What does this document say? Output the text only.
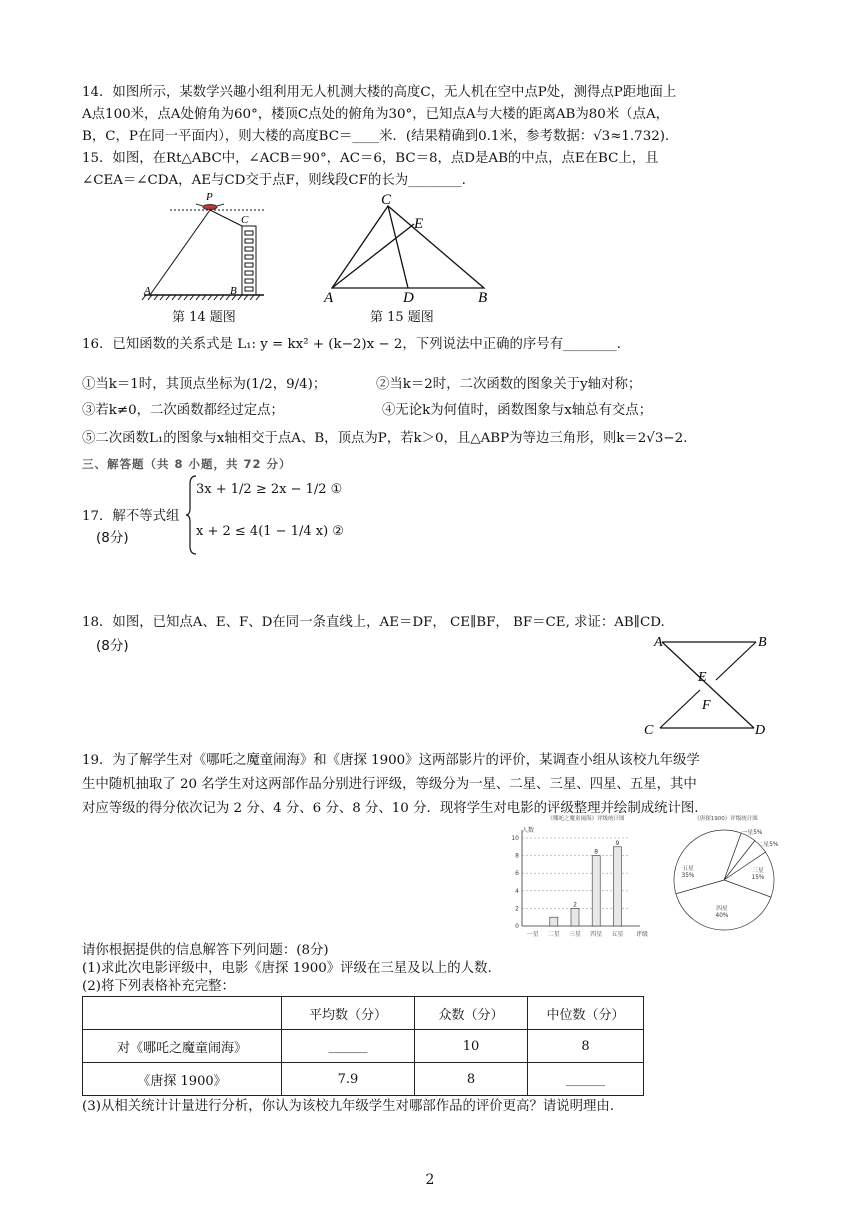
14．如图所示，某数学兴趣小组利用无人机测大楼的高度C，无人机在空中点P处，测得点P距地面上
A点100米，点A处俯角为60°，楼顶C点处的俯角为30°，已知点A与大楼的距离AB为80米（点A，
B，C，P在同一平面内），则大楼的高度BC＝____米．(结果精确到0.1米，参考数据：√3≈1.732)．
15．如图，在Rt△ABC中，∠ACB＝90°，AC＝6，BC＝8，点D是AB的中点，点E在BC上，且
∠CEA＝∠CDA，AE与CD交于点F，则线段CF的长为________.
P
C
A	B
第 14 题图
C
E
A	D	B
第 15 题图
16．已知函数的关系式是 L₁: y = kx² + (k−2)x − 2，下列说法中正确的序号有________.
①当k＝1时，其顶点坐标为(1/2，9/4)；	②当k＝2时，二次函数的图象关于y轴对称；
③若k≠0，二次函数都经过定点；	④无论k为何值时，函数图象与x轴总有交点；
⑤二次函数L₁的图象与x轴相交于点A、B，顶点为P，若k＞0，且△ABP为等边三角形，则k＝2√3−2.
三、解答题（共 8 小题，共 72 分）
17．解不等式组
(8分)
3x + 1/2 ≥ 2x − 1/2 ①
x + 2 ≤ 4(1 − 1/4 x) ②
18．如图，已知点A、E、F、D在同一条直线上，AE＝DF， CE∥BF， BF＝CE, 求证：AB∥CD.
(8分)	A	B
E
F
C	D
19．为了解学生对《哪吒之魔童闹海》和《唐探 1900》这两部影片的评价，某调查小组从该校九年级学
生中随机抽取了 20 名学生对这两部作品分别进行评级，等级分为一星、二星、三星、四星、五星，其中
对应等级的得分依次记为 2 分、4 分、6 分、8 分、10 分．现将学生对电影的评级整理并绘制成统计图.
《哪吒之魔童闹海》评级统计图
人数
评级
0
2
4
6
8
10
一星 二星
2
三星
8
四星
9
五星
《唐探1900》评级统计图
一星5%
二星5%
三星
15%
四星
40%
五星
35%
请你根据提供的信息解答下列问题：(8分)
(1)求此次电影评级中，电影《唐探 1900》评级在三星及以上的人数.
(2)将下列表格补充完整：
	平均数（分）	众数（分）	中位数（分）
对《哪吒之魔童闹海》	______	10	8
《唐探 1900》	7.9	8	______
(3)从相关统计计量进行分析，你认为该校九年级学生对哪部作品的评价更高？请说明理由.
2
